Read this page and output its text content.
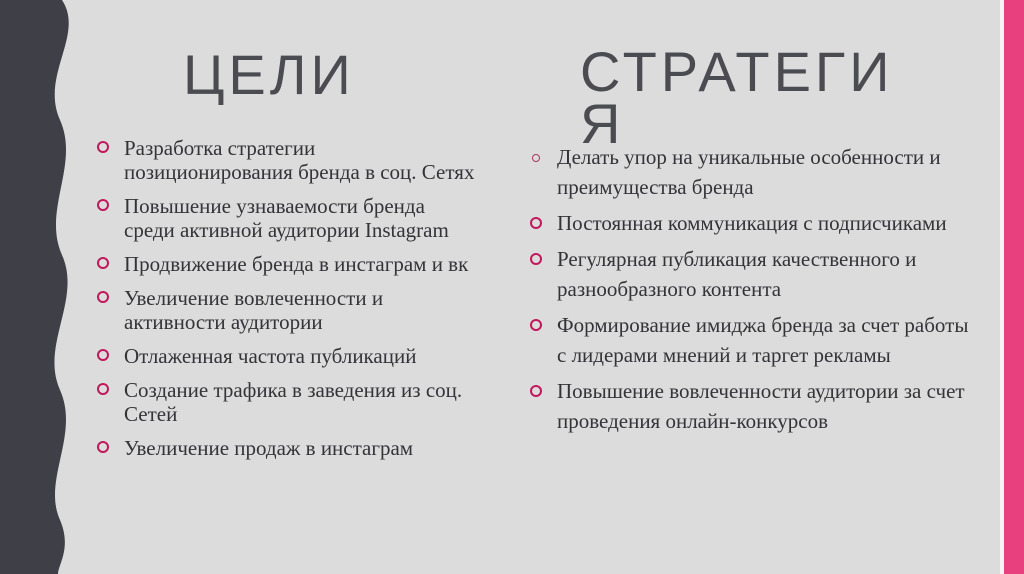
ЦЕЛИ	СТРАТЕГИ Я
Разработка стратегии позиционирования бренда в соц. Сетях
Повышение узнаваемости бренда среди активной аудитории Instagram
Продвижение бренда в инстаграм и вк
Увеличение вовлеченности и активности аудитории
Отлаженная частота публикаций
Создание трафика в заведения из соц. Сетей
Увеличение продаж в инстаграм
Делать упор на уникальные особенности и преимущества бренда
Постоянная коммуникация с подписчиками
Регулярная публикация качественного и разнообразного контента
Формирование имиджа бренда за счет работы с лидерами мнений и таргет рекламы
Повышение вовлеченности аудитории за счет проведения онлайн-конкурсов
